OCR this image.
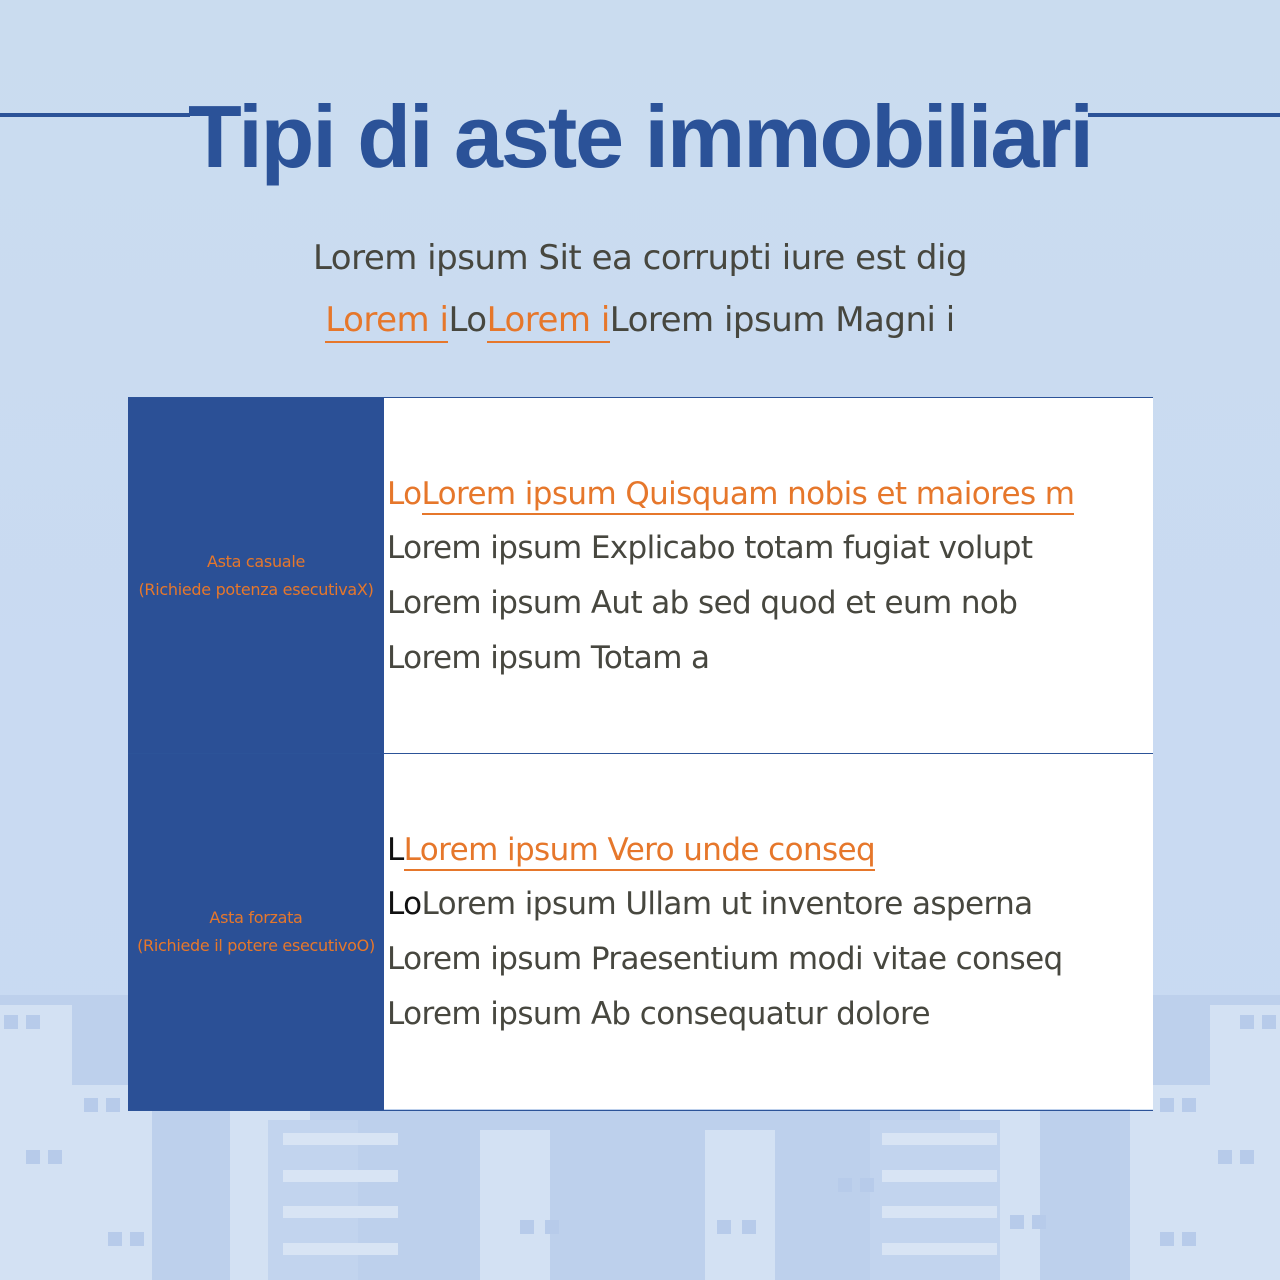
Tipi di aste immobiliari
Lorem ipsum Sit ea corrupti iure est dig
Lorem iLoLorem iLorem ipsum Magni i
Asta casuale
(Richiede potenza esecutivaX)
LoLorem ipsum Quisquam nobis et maiores m
Lorem ipsum Explicabo totam fugiat volupt
Lorem ipsum Aut ab sed quod et eum nob
Lorem ipsum Totam a
Asta forzata
(Richiede il potere esecutivoO)
LLorem ipsum Vero unde conseq
LoLorem ipsum Ullam ut inventore asperna
Lorem ipsum Praesentium modi vitae conseq
Lorem ipsum Ab consequatur dolore
